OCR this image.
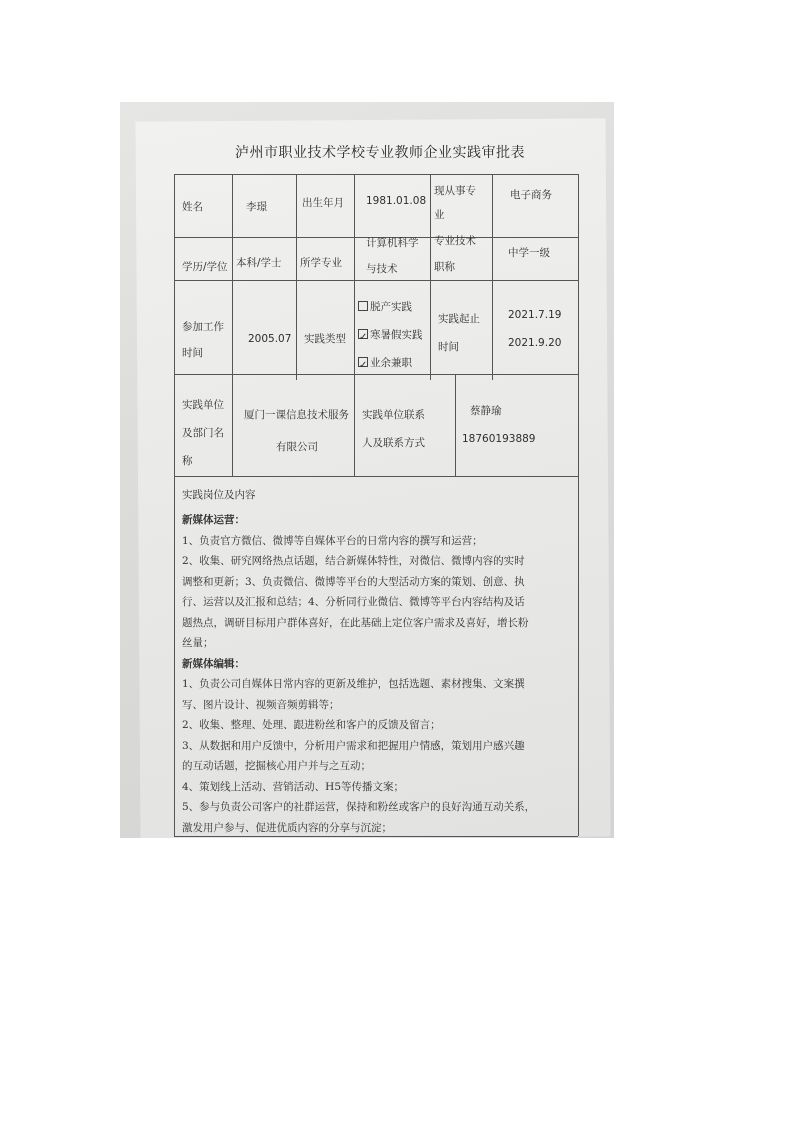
泸州市职业技术学校专业教师企业实践审批表
姓名	李璟	出生年月 1981.01.08
现从事专
业
电子商务
学历/学位 本科/学士 所学专业
计算机科学
与技术
专业技术
职称
中学一级
参加工作
时间
2005.07 实践类型
脱产实践
✓寒暑假实践
✓业余兼职
实践起止
时间
2021.7.19
2021.9.20
实践单位
及部门名
称
厦门一课信息技术服务
有限公司
实践单位联系
人及联系方式
蔡静瑜
18760193889
实践岗位及内容

新媒体运营：

1、负责官方微信、微博等自媒体平台的日常内容的撰写和运营；

2、收集、研究网络热点话题，结合新媒体特性，对微信、微博内容的实时

调整和更新；3、负责微信、微博等平台的大型活动方案的策划、创意、执

行、运营以及汇报和总结；4、分析同行业微信、微博等平台内容结构及话

题热点，调研目标用户群体喜好，在此基础上定位客户需求及喜好，增长粉

丝量；

新媒体编辑：

1、负责公司自媒体日常内容的更新及维护，包括选题、素材搜集、文案撰

写、图片设计、视频音频剪辑等；

2、收集、整理、处理、跟进粉丝和客户的反馈及留言；

3、从数据和用户反馈中，分析用户需求和把握用户情感，策划用户感兴趣

的互动话题，挖掘核心用户并与之互动；

4、策划线上活动、营销活动、H5等传播文案；

5、参与负责公司客户的社群运营，保持和粉丝或客户的良好沟通互动关系，

激发用户参与、促进优质内容的分享与沉淀；
